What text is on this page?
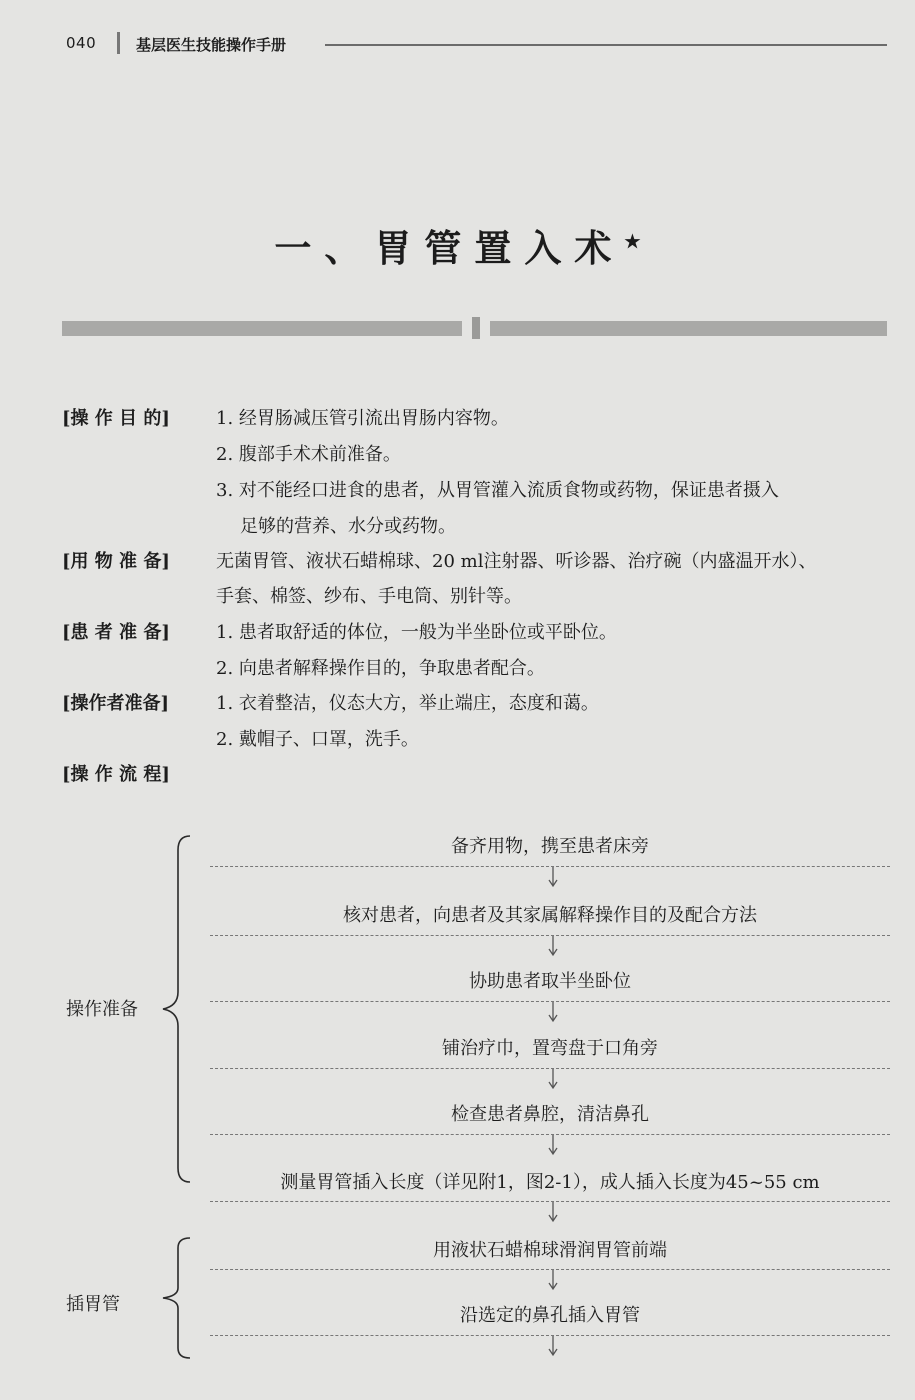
040	基层医生技能操作手册
一、胃管置入术★
[操 作 目 的]	1. 经胃肠减压管引流出胃肠内容物。
2. 腹部手术术前准备。
3. 对不能经口进食的患者，从胃管灌入流质食物或药物，保证患者摄入
足够的营养、水分或药物。
[用 物 准 备]	无菌胃管、液状石蜡棉球、20 ml注射器、听诊器、治疗碗（内盛温开水）、
手套、棉签、纱布、手电筒、别针等。
[患 者 准 备]	1. 患者取舒适的体位，一般为半坐卧位或平卧位。
2. 向患者解释操作目的，争取患者配合。
[操作者准备]	1. 衣着整洁，仪态大方，举止端庄，态度和蔼。
2. 戴帽子、口罩，洗手。
[操 作 流 程]
操作准备
插胃管
备齐用物，携至患者床旁
核对患者，向患者及其家属解释操作目的及配合方法
协助患者取半坐卧位
铺治疗巾，置弯盘于口角旁
检查患者鼻腔，清洁鼻孔
测量胃管插入长度（详见附1，图2-1），成人插入长度为45~55 cm
用液状石蜡棉球滑润胃管前端
沿选定的鼻孔插入胃管
